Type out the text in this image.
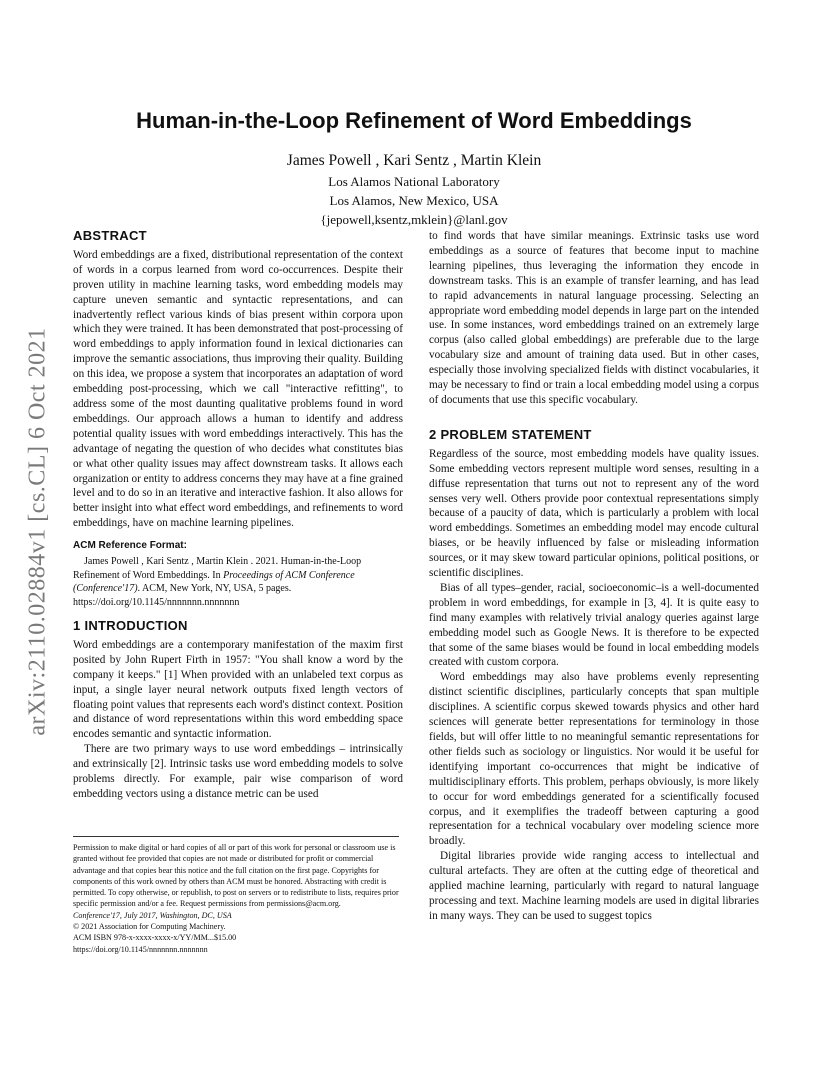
arXiv:2110.02884v1 [cs.CL] 6 Oct 2021
Human-in-the-Loop Refinement of Word Embeddings
James Powell , Kari Sentz , Martin Klein
Los Alamos National Laboratory
Los Alamos, New Mexico, USA
{jepowell,ksentz,mklein}@lanl.gov
ABSTRACT

Word embeddings are a fixed, distributional representation of the context of words in a corpus learned from word co-occurrences. Despite their proven utility in machine learning tasks, word embedding models may capture uneven semantic and syntactic representations, and can inadvertently reflect various kinds of bias present within corpora upon which they were trained. It has been demonstrated that post-processing of word embeddings to apply information found in lexical dictionaries can improve the semantic associations, thus improving their quality. Building on this idea, we propose a system that incorporates an adaptation of word embedding post-processing, which we call "interactive refitting", to address some of the most daunting qualitative problems found in word embeddings. Our approach allows a human to identify and address potential quality issues with word embeddings interactively. This has the advantage of negating the question of who decides what constitutes bias or what other quality issues may affect downstream tasks. It allows each organization or entity to address concerns they may have at a fine grained level and to do so in an iterative and interactive fashion. It also allows for better insight into what effect word embeddings, and refinements to word embeddings, have on machine learning pipelines.

ACM Reference Format:

James Powell , Kari Sentz , Martin Klein . 2021. Human-in-the-Loop Refinement of Word Embeddings. In Proceedings of ACM Conference (Conference'17). ACM, New York, NY, USA, 5 pages. https://doi.org/10.1145/nnnnnnn.nnnnnnn

1 INTRODUCTION

Word embeddings are a contemporary manifestation of the maxim first posited by John Rupert Firth in 1957: "You shall know a word by the company it keeps." [1] When provided with an unlabeled text corpus as input, a single layer neural network outputs fixed length vectors of floating point values that represents each word's distinct context. Position and distance of word representations within this word embedding space encodes semantic and syntactic information.

There are two primary ways to use word embeddings – intrinsically and extrinsically [2]. Intrinsic tasks use word embedding models to solve problems directly. For example, pair wise comparison of word embedding vectors using a distance metric can be used

Permission to make digital or hard copies of all or part of this work for personal or classroom use is granted without fee provided that copies are not made or distributed for profit or commercial advantage and that copies bear this notice and the full citation on the first page. Copyrights for components of this work owned by others than ACM must be honored. Abstracting with credit is permitted. To copy otherwise, or republish, to post on servers or to redistribute to lists, requires prior specific permission and/or a fee. Request permissions from permissions@acm.org.
Conference'17, July 2017, Washington, DC, USA
© 2021 Association for Computing Machinery.
ACM ISBN 978-x-xxxx-xxxx-x/YY/MM...$15.00
https://doi.org/10.1145/nnnnnnn.nnnnnnn

to find words that have similar meanings. Extrinsic tasks use word embeddings as a source of features that become input to machine learning pipelines, thus leveraging the information they encode in downstream tasks. This is an example of transfer learning, and has lead to rapid advancements in natural language processing. Selecting an appropriate word embedding model depends in large part on the intended use. In some instances, word embeddings trained on an extremely large corpus (also called global embeddings) are preferable due to the large vocabulary size and amount of training data used. But in other cases, especially those involving specialized fields with distinct vocabularies, it may be necessary to find or train a local embedding model using a corpus of documents that use this specific vocabulary.

2 PROBLEM STATEMENT

Regardless of the source, most embedding models have quality issues. Some embedding vectors represent multiple word senses, resulting in a diffuse representation that turns out not to represent any of the word senses very well. Others provide poor contextual representations simply because of a paucity of data, which is particularly a problem with local word embeddings. Sometimes an embedding model may encode cultural biases, or be heavily influenced by false or misleading information sources, or it may skew toward particular opinions, political positions, or scientific disciplines.

Bias of all types–gender, racial, socioeconomic–is a well-documented problem in word embeddings, for example in [3, 4]. It is quite easy to find many examples with relatively trivial analogy queries against large embedding model such as Google News. It is therefore to be expected that some of the same biases would be found in local embedding models created with custom corpora.

Word embeddings may also have problems evenly representing distinct scientific disciplines, particularly concepts that span multiple disciplines. A scientific corpus skewed towards physics and other hard sciences will generate better representations for terminology in those fields, but will offer little to no meaningful semantic representations for other fields such as sociology or linguistics. Nor would it be useful for identifying important co-occurrences that might be indicative of multidisciplinary efforts. This problem, perhaps obviously, is more likely to occur for word embeddings generated for a scientifically focused corpus, and it exemplifies the tradeoff between capturing a good representation for a technical vocabulary over modeling science more broadly.

Digital libraries provide wide ranging access to intellectual and cultural artefacts. They are often at the cutting edge of theoretical and applied machine learning, particularly with regard to natural language processing and text. Machine learning models are used in digital libraries in many ways. They can be used to suggest topics
